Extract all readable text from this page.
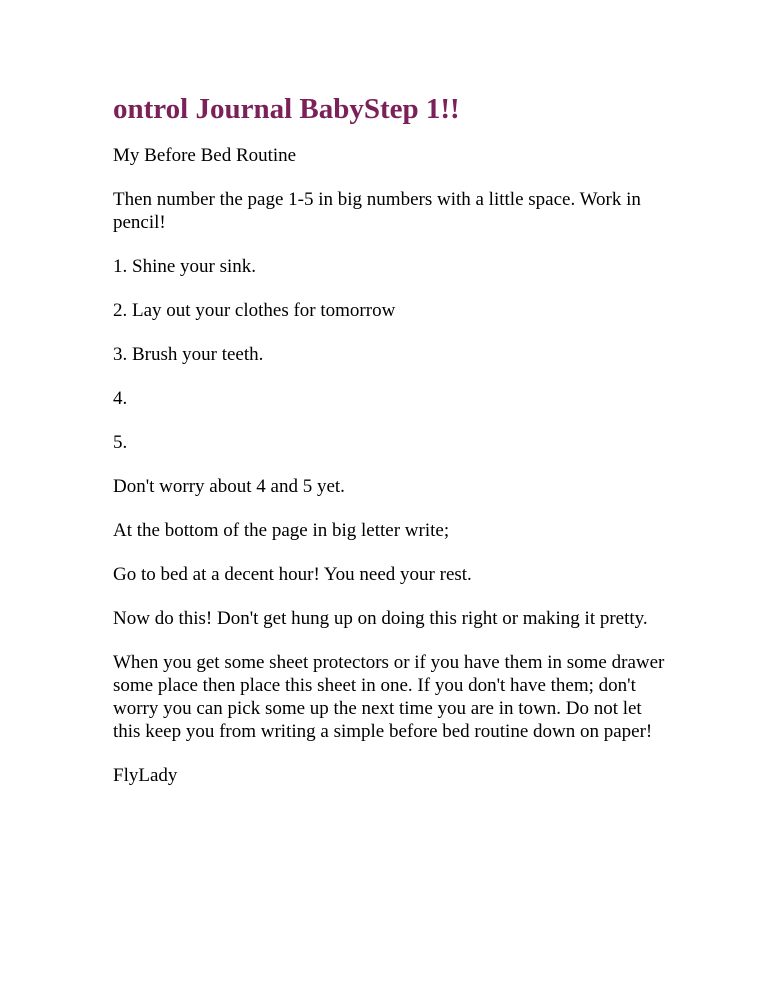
ontrol Journal BabyStep 1!!

My Before Bed Routine

Then number the page 1-5 in big numbers with a little space. Work in pencil!

1. Shine your sink.

2. Lay out your clothes for tomorrow

3. Brush your teeth.

4.

5.

Don't worry about 4 and 5 yet.

At the bottom of the page in big letter write;

Go to bed at a decent hour! You need your rest.

Now do this! Don't get hung up on doing this right or making it pretty.

When you get some sheet protectors or if you have them in some drawer some place then place this sheet in one. If you don't have them; don't worry you can pick some up the next time you are in town. Do not let this keep you from writing a simple before bed routine down on paper!

FlyLady
